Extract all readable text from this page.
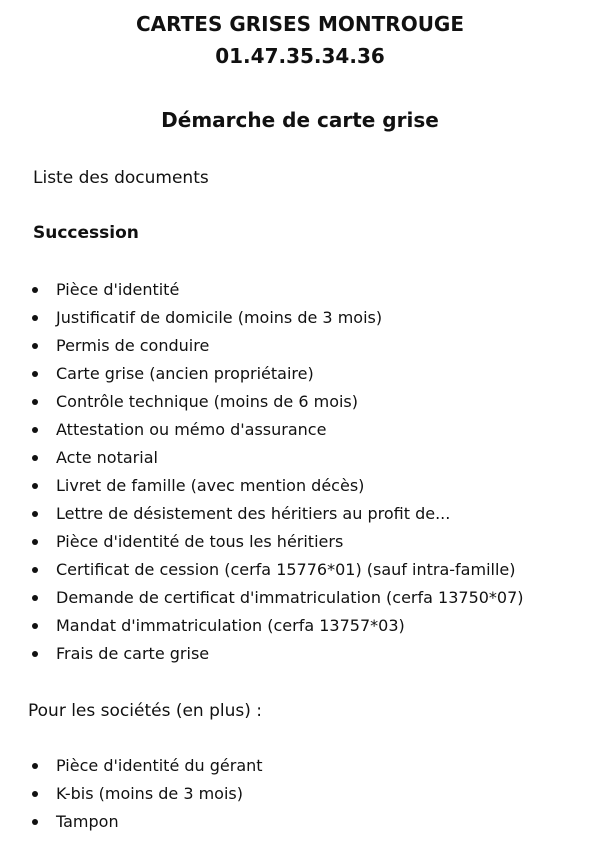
CARTES GRISES MONTROUGE
01.47.35.34.36
Démarche de carte grise
Liste des documents
Succession
Pièce d'identité
Justificatif de domicile (moins de 3 mois)
Permis de conduire
Carte grise (ancien propriétaire)
Contrôle technique (moins de 6 mois)
Attestation ou mémo d'assurance
Acte notarial
Livret de famille (avec mention décès)
Lettre de désistement des héritiers au profit de...
Pièce d'identité de tous les héritiers
Certificat de cession (cerfa 15776*01) (sauf intra-famille)
Demande de certificat d'immatriculation (cerfa 13750*07)
Mandat d'immatriculation (cerfa 13757*03)
Frais de carte grise
Pour les sociétés (en plus) :
Pièce d'identité du gérant
K-bis (moins de 3 mois)
Tampon
